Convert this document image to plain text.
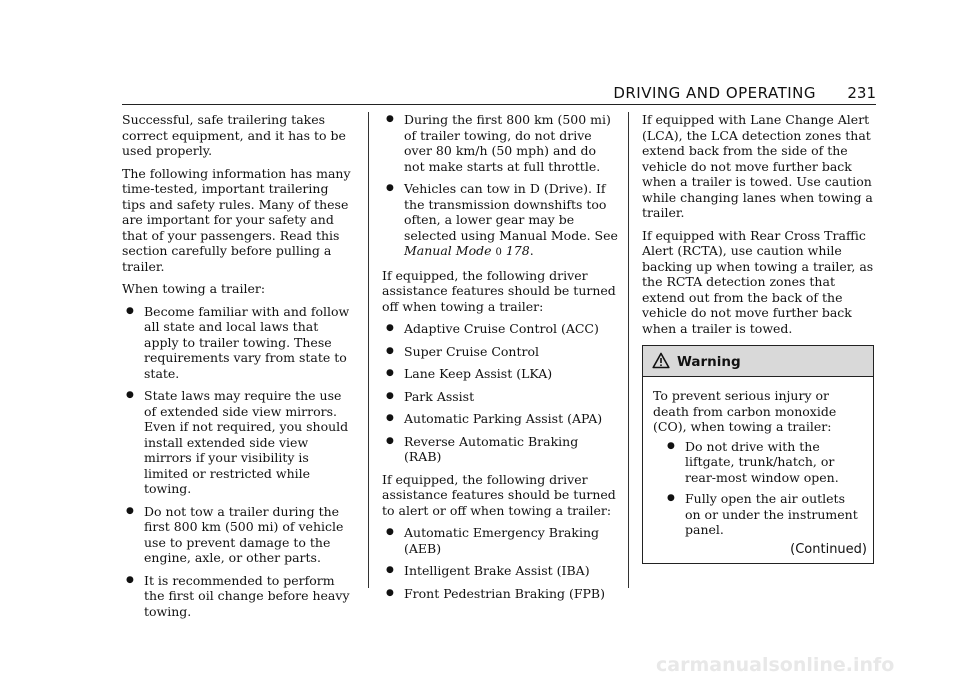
DRIVING AND OPERATING 231

Successful, safe trailering takes correct equipment, and it has to be used properly.

The following information has many time-tested, important trailering tips and safety rules. Many of these are important for your safety and that of your passengers. Read this section carefully before pulling a trailer.

When towing a trailer:

● Become familiar with and follow all state and local laws that apply to trailer towing. These requirements vary from state to state.
● State laws may require the use of extended side view mirrors. Even if not required, you should install extended side view mirrors if your visibility is limited or restricted while towing.
● Do not tow a trailer during the first 800 km (500 mi) of vehicle use to prevent damage to the engine, axle, or other parts.
● It is recommended to perform the first oil change before heavy towing.
● During the first 800 km (500 mi) of trailer towing, do not drive over 80 km/h (50 mph) and do not make starts at full throttle.
● Vehicles can tow in D (Drive). If the transmission downshifts too often, a lower gear may be selected using Manual Mode. See Manual Mode 0 178.

If equipped, the following driver assistance features should be turned off when towing a trailer:

● Adaptive Cruise Control (ACC)
● Super Cruise Control
● Lane Keep Assist (LKA)
● Park Assist
● Automatic Parking Assist (APA)
● Reverse Automatic Braking (RAB)

If equipped, the following driver assistance features should be turned to alert or off when towing a trailer:

● Automatic Emergency Braking (AEB)
● Intelligent Brake Assist (IBA)
● Front Pedestrian Braking (FPB)

If equipped with Lane Change Alert (LCA), the LCA detection zones that extend back from the side of the vehicle do not move further back when a trailer is towed. Use caution while changing lanes when towing a trailer.

If equipped with Rear Cross Traffic Alert (RCTA), use caution while backing up when towing a trailer, as the RCTA detection zones that extend out from the back of the vehicle do not move further back when a trailer is towed.

Warning

To prevent serious injury or death from carbon monoxide (CO), when towing a trailer:

● Do not drive with the liftgate, trunk/hatch, or rear-most window open.
● Fully open the air outlets on or under the instrument panel.
(Continued)
carmanualsonline.info
